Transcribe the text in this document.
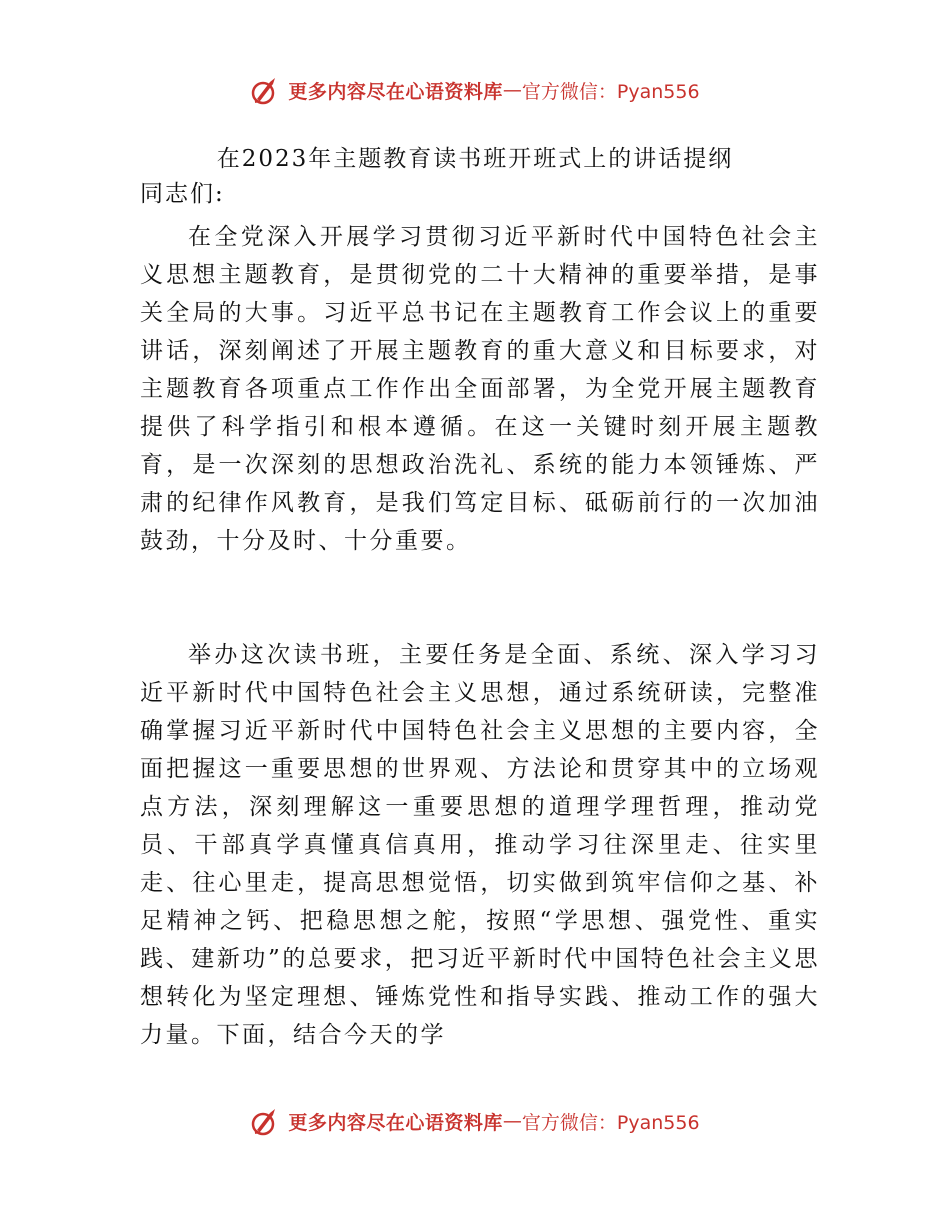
更多内容尽在心语资料库 — 官方微信：Pyan556
在2023年主题教育读书班开班式上的讲话提纲
同志们:

在全党深入开展学习贯彻习近平新时代中国特色社会主义思想主题教育，是贯彻党的二十大精神的重要举措，是事关全局的大事。习近平总书记在主题教育工作会议上的重要讲话，深刻阐述了开展主题教育的重大意义和目标要求，对主题教育各项重点工作作出全面部署，为全党开展主题教育提供了科学指引和根本遵循。在这一关键时刻开展主题教育，是一次深刻的思想政治洗礼、系统的能力本领锤炼、严肃的纪律作风教育，是我们笃定目标、砥砺前行的一次加油鼓劲，十分及时、十分重要。

举办这次读书班，主要任务是全面、系统、深入学习习近平新时代中国特色社会主义思想，通过系统研读，完整准确掌握习近平新时代中国特色社会主义思想的主要内容，全面把握这一重要思想的世界观、方法论和贯穿其中的立场观点方法，深刻理解这一重要思想的道理学理哲理，推动党员、干部真学真懂真信真用，推动学习往深里走、往实里走、往心里走，提高思想觉悟，切实做到筑牢信仰之基、补足精神之钙、把稳思想之舵，按照“学思想、强党性、重实践、建新功”的总要求，把习近平新时代中国特色社会主义思想转化为坚定理想、锤炼党性和指导实践、推动工作的强大力量。下面，结合今天的学

更多内容尽在心语资料库 — 官方微信：Pyan556
